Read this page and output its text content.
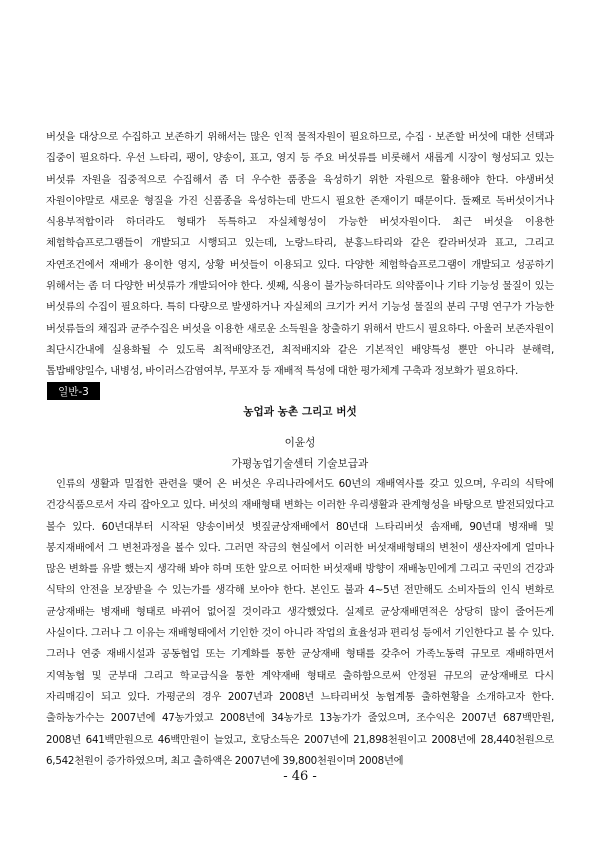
버섯을 대상으로 수집하고 보존하기 위해서는 많은 인적 물적자원이 필요하므로, 수집 · 보존할 버섯에 대한 선택과 집중이 필요하다. 우선 느타리, 팽이, 양송이, 표고, 영지 등 주요 버섯류를 비롯해서 새롭게 시장이 형성되고 있는 버섯류 자원을 집중적으로 수집해서 좀 더 우수한 품종을 육성하기 위한 자원으로 활용해야 한다. 야생버섯 자원이야말로 새로운 형질을 가진 신품종을 육성하는데 반드시 필요한 존재이기 때문이다. 둘째로 독버섯이거나 식용부적합이라 하더라도 형태가 독특하고 자실체형성이 가능한 버섯자원이다. 최근 버섯을 이용한 체험학습프로그램들이 개발되고 시행되고 있는데, 노랑느타리, 분홍느타리와 같은 칼라버섯과 표고, 그리고 자연조건에서 재배가 용이한 영지, 상황 버섯들이 이용되고 있다. 다양한 체험학습프로그램이 개발되고 성공하기 위해서는 좀 더 다양한 버섯류가 개발되어야 한다. 셋째, 식용이 불가능하더라도 의약품이나 기타 기능성 물질이 있는 버섯류의 수집이 필요하다. 특히 다량으로 발생하거나 자실체의 크기가 커서 기능성 물질의 분리 구명 연구가 가능한 버섯류들의 채집과 균주수집은 버섯을 이용한 새로운 소득원을 창출하기 위해서 반드시 필요하다. 아울러 보존자원이 최단시간내에 실용화될 수 있도록 최적배양조건, 최적배지와 같은 기본적인 배양특성 뿐만 아니라 분해력, 톱밥배양일수, 내병성, 바이러스감염여부, 무포자 등 재배적 특성에 대한 평가체계 구축과 정보화가 필요하다.

일반-3
농업과 농촌 그리고 버섯
이윤성
가평농업기술센터 기술보급과

인류의 생활과 밀접한 관련을 맺어 온 버섯은 우리나라에서도 60년의 재배역사를 갖고 있으며, 우리의 식탁에 건강식품으로서 자리 잡아오고 있다. 버섯의 재배형태 변화는 이러한 우리생활과 관계형성을 바탕으로 발전되었다고 볼수 있다. 60년대부터 시작된 양송이버섯 볏짚균상재배에서 80년대 느타리버섯 솜재배, 90년대 병재배 및 봉지재배에서 그 변천과정을 볼수 있다. 그러면 작금의 현실에서 이러한 버섯재배형태의 변천이 생산자에게 얼마나 많은 변화를 유발 했는지 생각해 봐야 하며 또한 앞으로 어떠한 버섯재배 방향이 재배농민에게 그리고 국민의 건강과 식탁의 안전을 보장받을 수 있는가를 생각해 보아야 한다. 본인도 불과 4~5년 전만해도 소비자들의 인식 변화로 균상재배는 병재배 형태로 바뀌어 없어질 것이라고 생각했었다. 실제로 균상재배면적은 상당히 많이 줄어든게 사실이다. 그러나 그 이유는 재배형태에서 기인한 것이 아니라 작업의 효율성과 편리성 등에서 기인한다고 볼 수 있다. 그러나 연중 재배시설과 공동협업 또는 기계화를 통한 균상재배 형태를 갖추어 가족노동력 규모로 재배하면서 지역농협 및 군부대 그리고 학교급식을 통한 계약재배 형태로 출하함으로써 안정된 규모의 균상재배로 다시 자리매김이 되고 있다. 가평군의 경우 2007년과 2008년 느타리버섯 농협계통 출하현황을 소개하고자 한다. 출하농가수는 2007년에 47농가였고 2008년에 34농가로 13농가가 줄었으며, 조수익은 2007년 687백만원, 2008년 641백만원으로 46백만원이 늘었고, 호당소득은 2007년에 21,898천원이고 2008년에 28,440천원으로 6,542천원이 증가하였으며, 최고 출하액은 2007년에 39,800천원이며 2008년에

- 46 -
